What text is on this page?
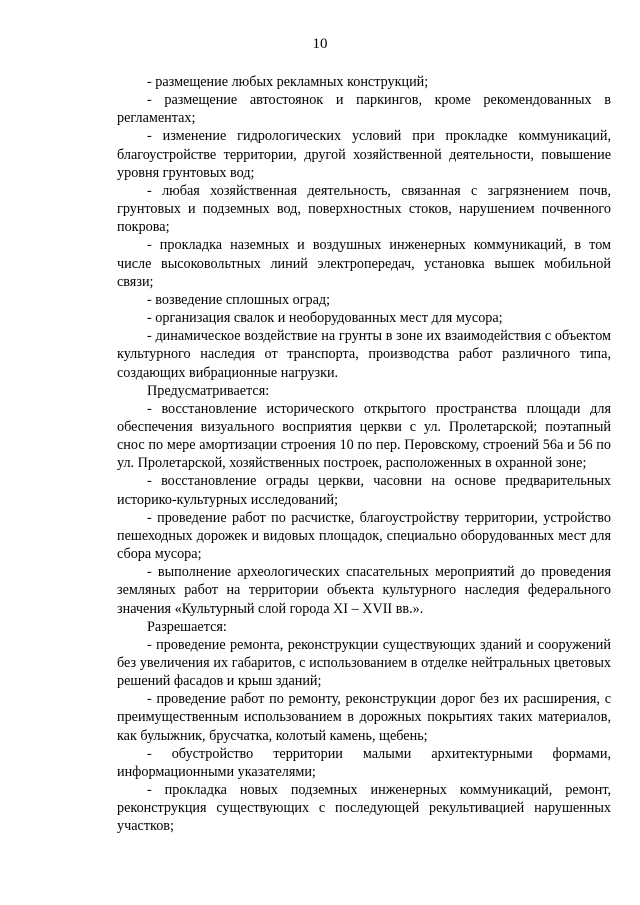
10

- размещение любых рекламных конструкций;

- размещение автостоянок и паркингов, кроме рекомендованных в регламентах;

- изменение гидрологических условий при прокладке коммуникаций, благоустройстве территории, другой хозяйственной деятельности, повышение уровня грунтовых вод;

- любая хозяйственная деятельность, связанная с загрязнением почв, грунтовых и подземных вод, поверхностных стоков, нарушением почвенного покрова;

- прокладка наземных и воздушных инженерных коммуникаций, в том числе высоковольтных линий электропередач, установка вышек мобильной связи;

- возведение сплошных оград;

- организация свалок и необорудованных мест для мусора;

- динамическое воздействие на грунты в зоне их взаимодействия с объектом культурного наследия от транспорта, производства работ различного типа, создающих вибрационные нагрузки.

Предусматривается:

- восстановление исторического открытого пространства площади для обеспечения визуального восприятия церкви с ул. Пролетарской; поэтапный снос по мере амортизации строения 10 по пер. Перовскому, строений 56а и 56 по ул. Пролетарской, хозяйственных построек, расположенных в охранной зоне;

- восстановление ограды церкви, часовни на основе предварительных историко-культурных исследований;

- проведение работ по расчистке, благоустройству территории, устройство пешеходных дорожек и видовых площадок, специально оборудованных мест для сбора мусора;

- выполнение археологических спасательных мероприятий до проведения земляных работ на территории объекта культурного наследия федерального значения «Культурный слой города XI – XVII вв.».

Разрешается:

- проведение ремонта, реконструкции существующих зданий и сооружений без увеличения их габаритов, с использованием в отделке нейтральных цветовых решений фасадов и крыш зданий;

- проведение работ по ремонту, реконструкции дорог без их расширения, с преимущественным использованием в дорожных покрытиях таких материалов, как булыжник, брусчатка, колотый камень, щебень;

- обустройство территории малыми архитектурными формами, информационными указателями;

- прокладка новых подземных инженерных коммуникаций, ремонт, реконструкция существующих с последующей рекультивацией нарушенных участков;
